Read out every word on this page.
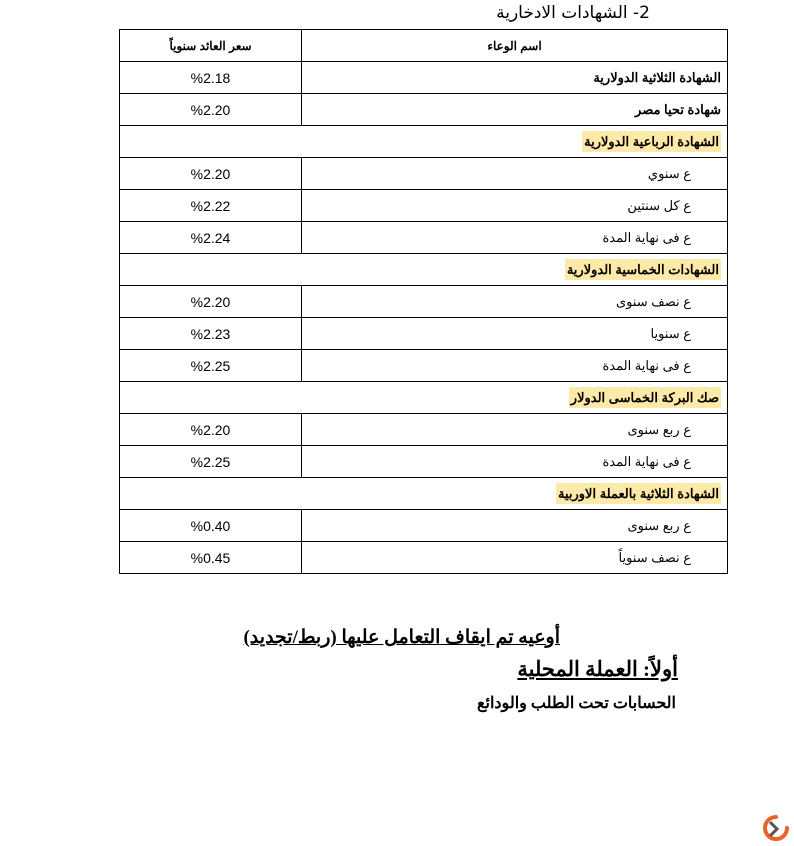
2- الشهادات الادخارية
اسم الوعاء	سعر العائد سنوياً
الشهادة الثلاثية الدولارية	%2.18
شهادة تحيا مصر	%2.20
الشهادة الرباعية الدولارية	
ع سنوي	%2.20
ع كل سنتين	%2.22
ع فى نهاية المدة	%2.24
الشهادات الخماسية الدولارية	
ع نصف سنوى	%2.20
ع سنويا	%2.23
ع فى نهاية المدة	%2.25
صك البركة الخماسى الدولار	
ع ربع سنوى	%2.20
ع فى نهاية المدة	%2.25
الشهادة الثلاثية بالعملة الاوربية	
ع ربع سنوى	%0.40
ع نصف سنوياً	%0.45
أوعيه تم ايقاف التعامل عليها (ربط/تجديد)
أولاً: العملة المحلية
الحسابات تحت الطلب والودائع
